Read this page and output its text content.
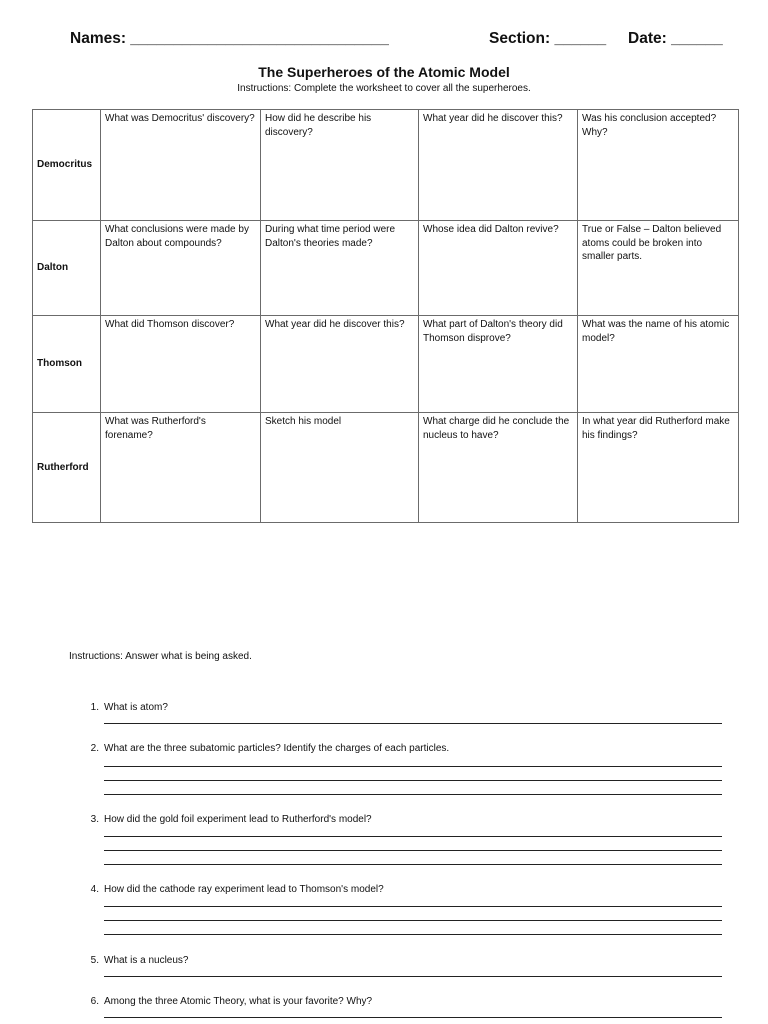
Names: ______________________________	Section: ______ Date: ______
The Superheroes of the Atomic Model
Instructions: Complete the worksheet to cover all the superheroes.
Democritus	What was Democritus' discovery?	How did he describe his discovery?	What year did he discover this?	Was his conclusion accepted? Why?
Dalton	What conclusions were made by Dalton about compounds?	During what time period were Dalton's theories made?	Whose idea did Dalton revive?	True or False – Dalton believed atoms could be broken into smaller parts.
Thomson	What did Thomson discover?	What year did he discover this?	What part of Dalton's theory did Thomson disprove?	What was the name of his atomic model?
Rutherford	What was Rutherford's forename?	Sketch his model	What charge did he conclude the nucleus to have?	In what year did Rutherford make his findings?
Instructions: Answer what is being asked.
1. What is atom?
2. What are the three subatomic particles? Identify the charges of each particles.
3. How did the gold foil experiment lead to Rutherford's model?
4. How did the cathode ray experiment lead to Thomson's model?
5. What is a nucleus?
6. Among the three Atomic Theory, what is your favorite? Why?
